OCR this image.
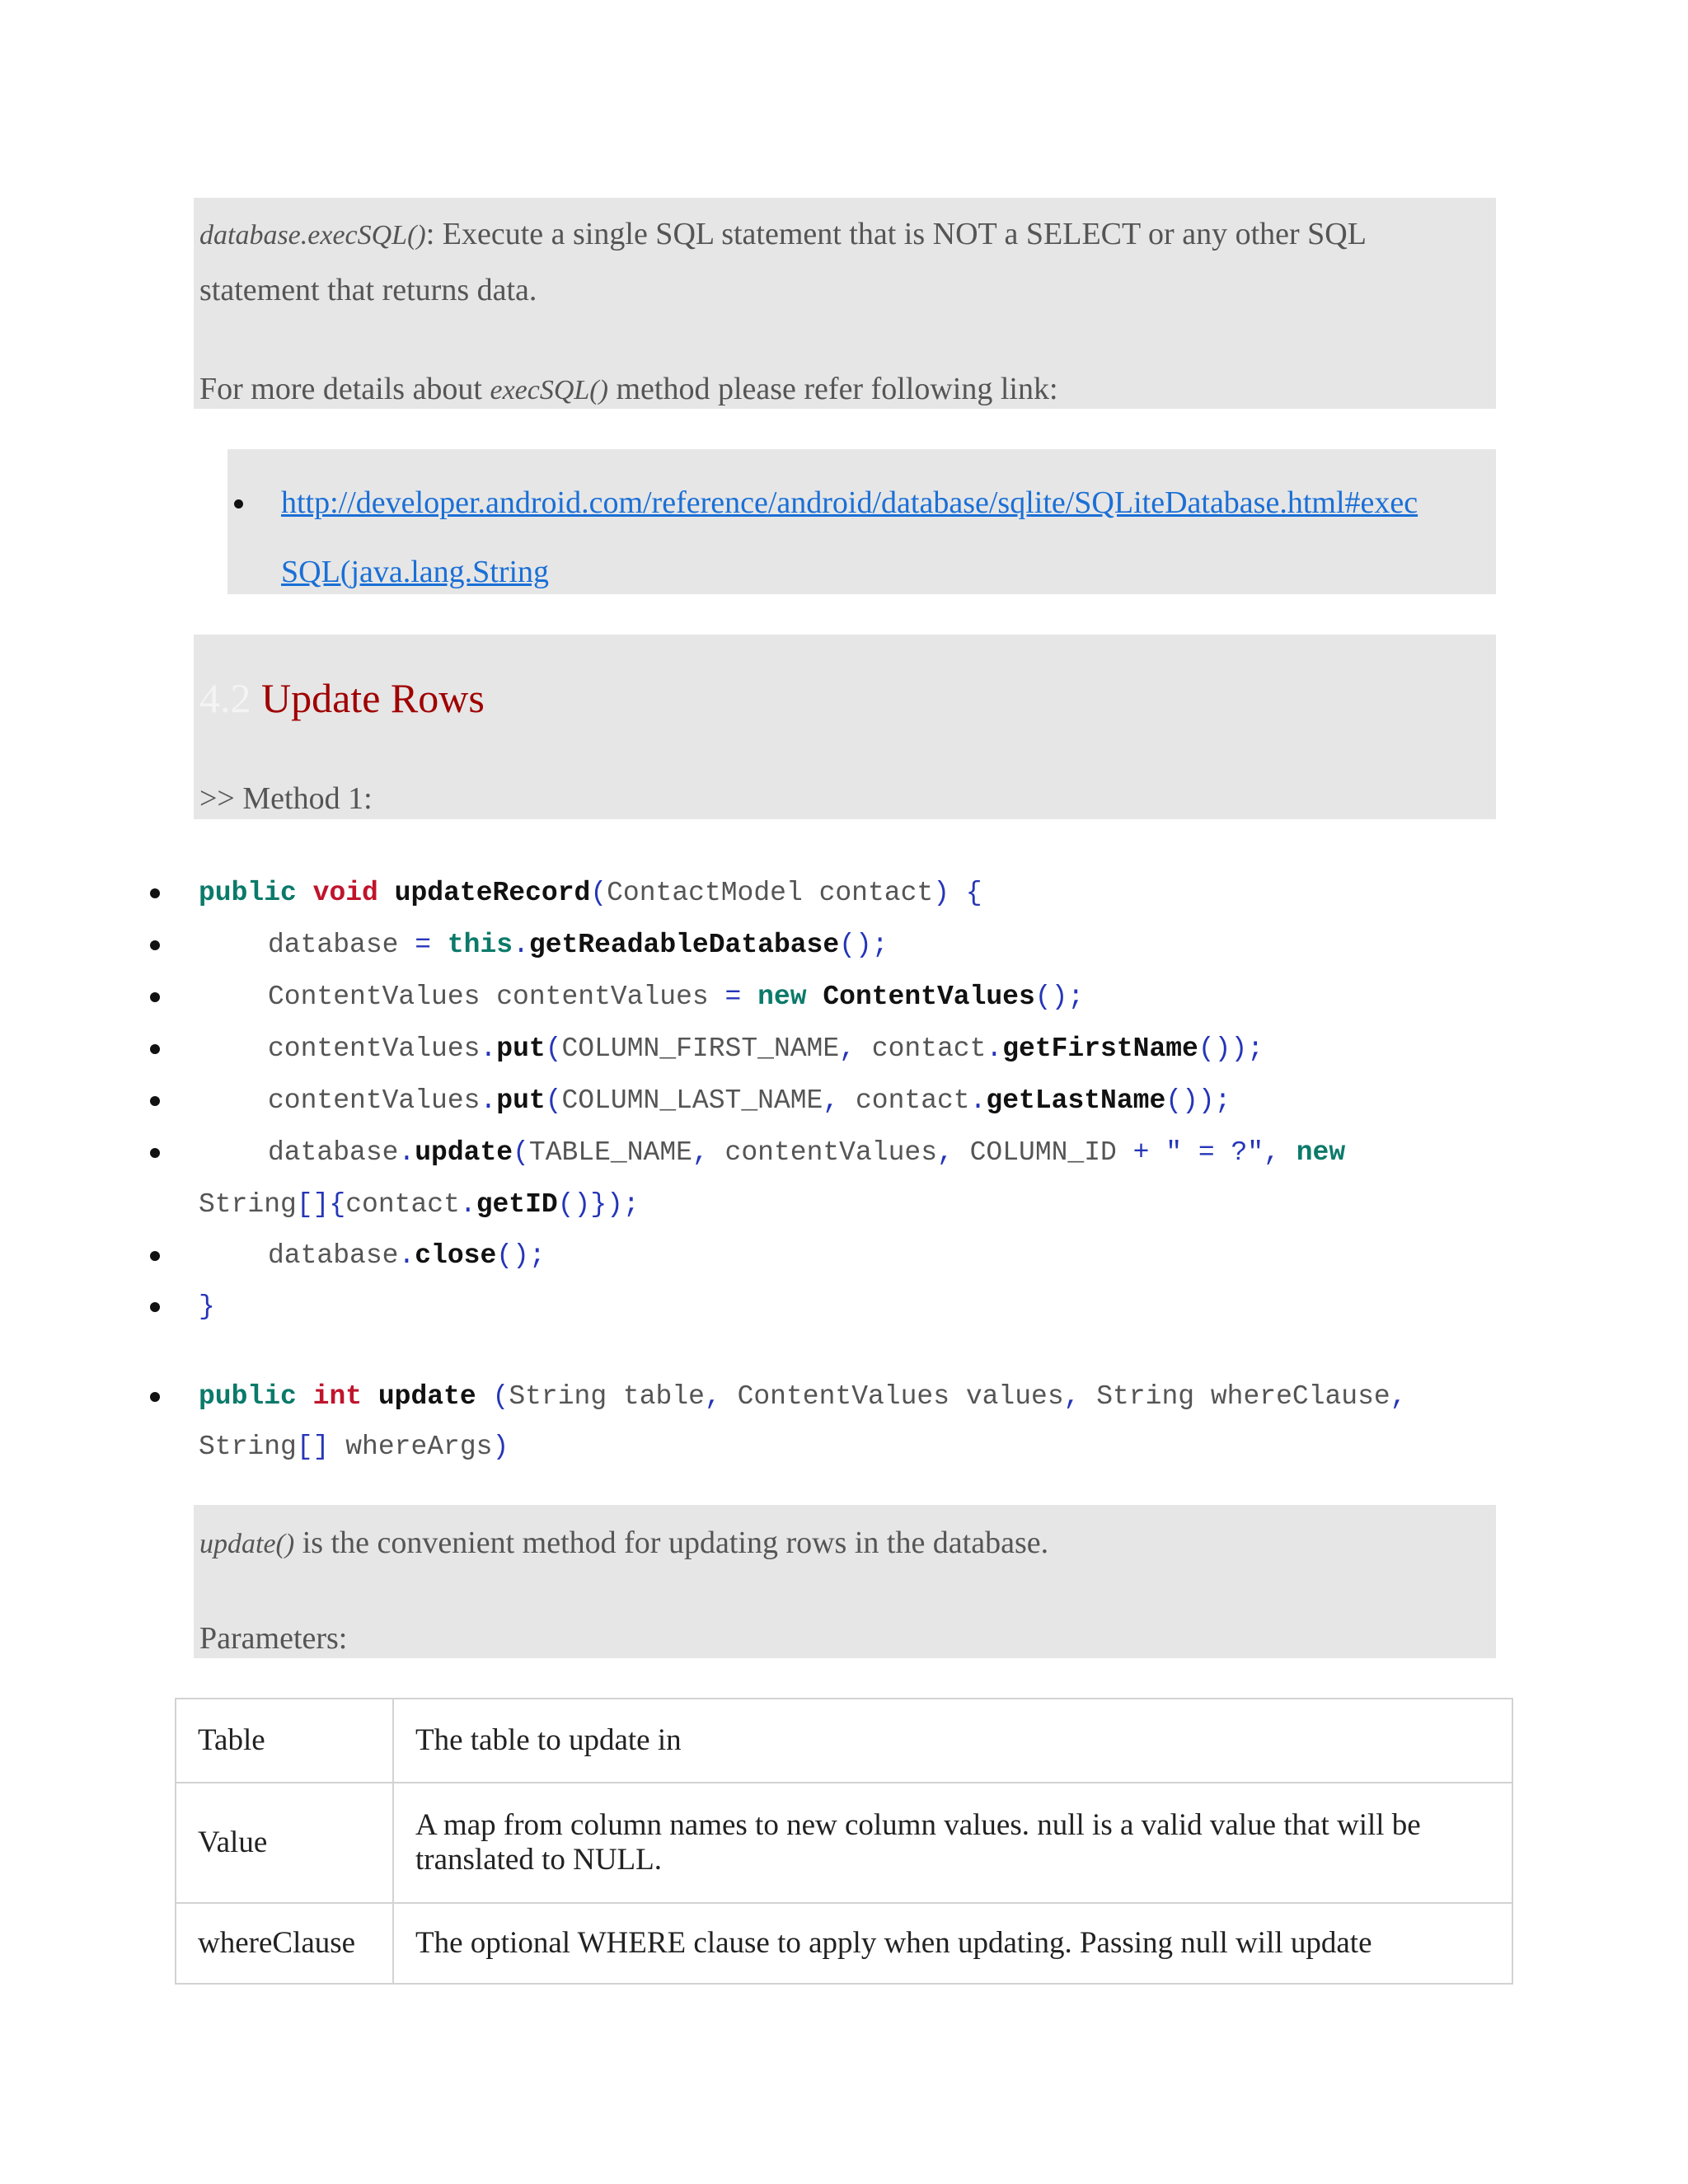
database.execSQL(): Execute a single SQL statement that is NOT a SELECT or any other SQL
statement that returns data.
For more details about execSQL() method please refer following link:
http://developer.android.com/reference/android/database/sqlite/SQLiteDatabase.html#exec
SQL(java.lang.String
4.2 Update Rows
>> Method 1:
public void updateRecord(ContactModel contact) {
database = this.getReadableDatabase();
ContentValues contentValues = new ContentValues();
contentValues.put(COLUMN_FIRST_NAME, contact.getFirstName());
contentValues.put(COLUMN_LAST_NAME, contact.getLastName());
database.update(TABLE_NAME, contentValues, COLUMN_ID + " = ?", new
String[]{contact.getID()});
database.close();
}
public int update (String table, ContentValues values, String whereClause,
String[] whereArgs)
update() is the convenient method for updating rows in the database.
Parameters:
Table	The table to update in
Value	A map from column names to new column values. null is a valid value that will be translated to NULL.
whereClause	The optional WHERE clause to apply when updating. Passing null will update
